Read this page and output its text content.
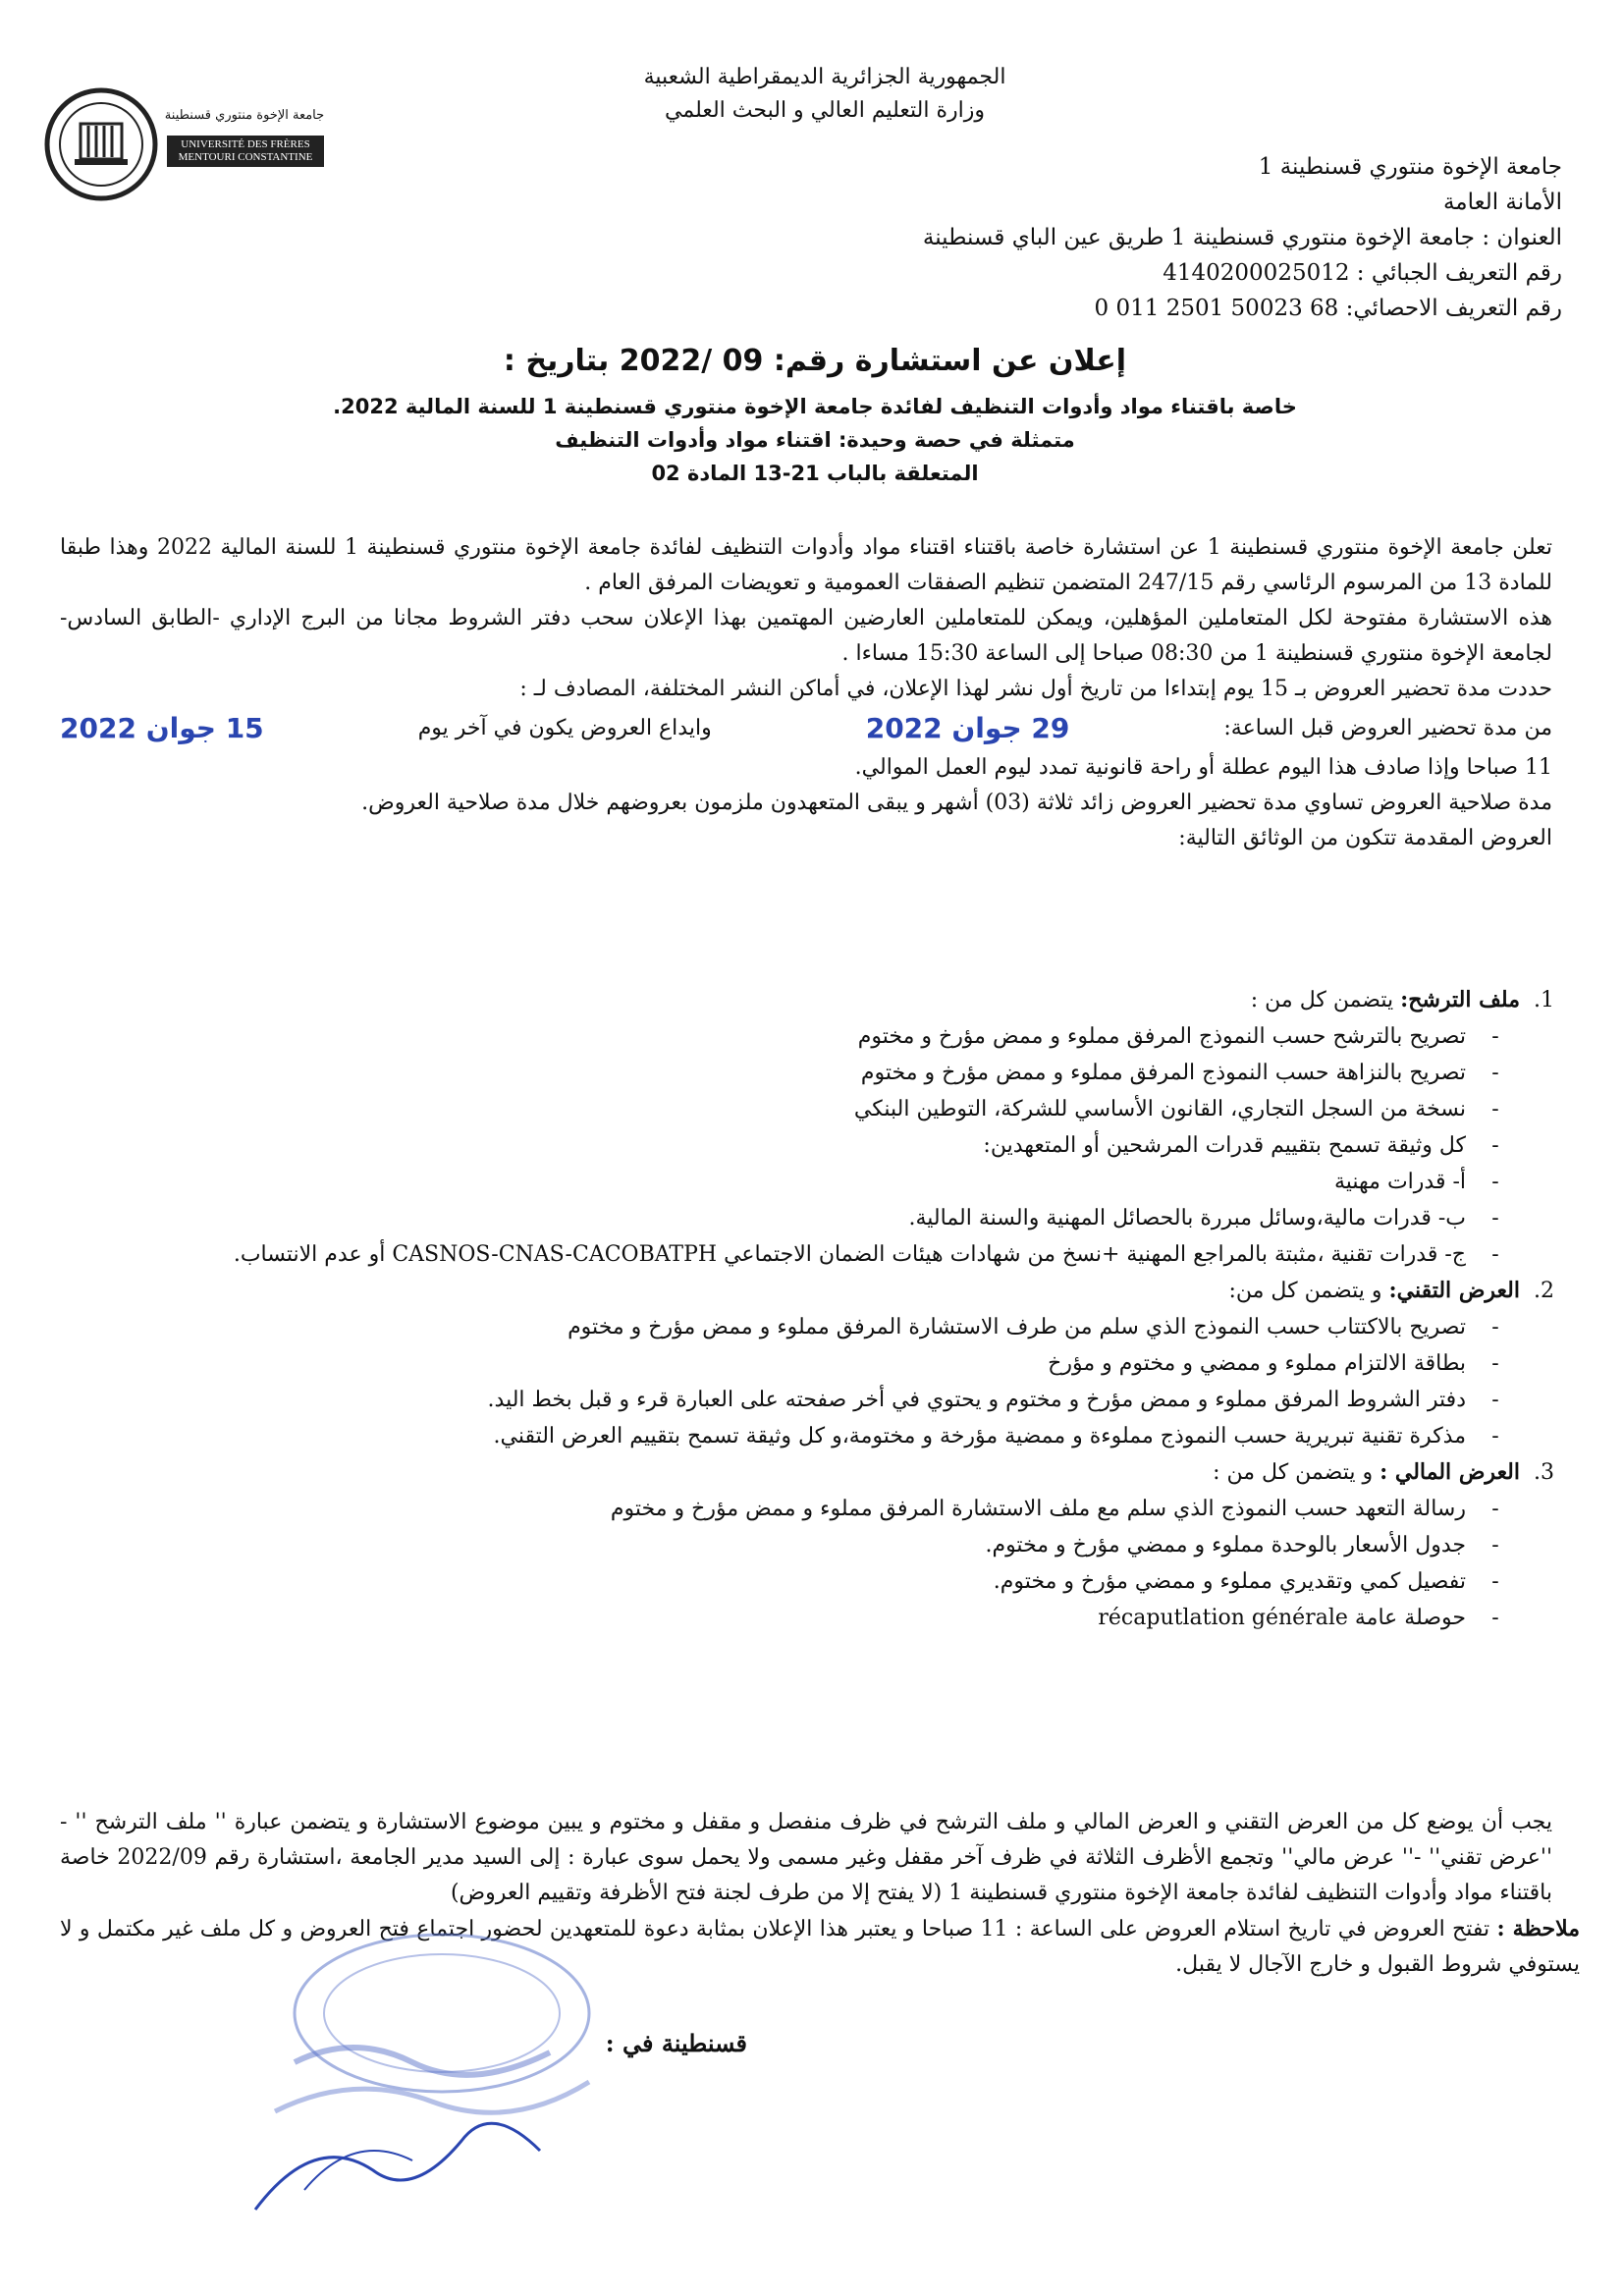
الجمهورية الجزائرية الديمقراطية الشعبية
وزارة التعليم العالي و البحث العلمي
جامعة الإخوة منتوري قسنطينة
UNIVERSITÉ DES FRÈRES
MENTOURI CONSTANTINE	جامعة الإخوة منتوري قسنطينة 1
الأمانة العامة
العنوان : جامعة الإخوة منتوري قسنطينة 1 طريق عين الباي قسنطينة
رقم التعريف الجبائي : 4140200025012
رقم التعريف الاحصائي: 68 50023 2501 011 0
إعلان عن استشارة رقم: 09 /2022 بتاريخ :
خاصة باقتناء مواد وأدوات التنظيف لفائدة جامعة الإخوة منتوري قسنطينة 1 للسنة المالية 2022.
متمثلة في حصة وحيدة: اقتناء مواد وأدوات التنظيف
المتعلقة بالباب 21-13 المادة 02
تعلن جامعة الإخوة منتوري قسنطينة 1 عن استشارة خاصة باقتناء اقتناء مواد وأدوات التنظيف لفائدة جامعة الإخوة منتوري قسنطينة 1 للسنة المالية 2022 وهذا طبقا للمادة 13 من المرسوم الرئاسي رقم 247/15 المتضمن تنظيم الصفقات العمومية و تعويضات المرفق العام .
هذه الاستشارة مفتوحة لكل المتعاملين المؤهلين، ويمكن للمتعاملين العارضين المهتمين بهذا الإعلان سحب دفتر الشروط مجانا من البرج الإداري -الطابق السادس- لجامعة الإخوة منتوري قسنطينة 1 من 08:30 صباحا إلى الساعة 15:30 مساءا .
حددت مدة تحضير العروض بـ 15 يوم إبتداءا من تاريخ أول نشر لهذا الإعلان، في أماكن النشر المختلفة، المصادف لـ :
من مدة تحضير العروض قبل الساعة:
29 جوان 2022
وايداع العروض يكون في آخر يوم
15 جوان 2022
11 صباحا وإذا صادف هذا اليوم عطلة أو راحة قانونية تمدد ليوم العمل الموالي.
مدة صلاحية العروض تساوي مدة تحضير العروض زائد ثلاثة (03) أشهر و يبقى المتعهدون ملزمون بعروضهم خلال مدة صلاحية العروض.
العروض المقدمة تتكون من الوثائق التالية:
1.ملف الترشح: يتضمن كل من :
-
تصريح بالترشح حسب النموذج المرفق مملوء و ممض مؤرخ و مختوم
-
تصريح بالنزاهة حسب النموذج المرفق مملوء و ممض مؤرخ و مختوم
-
نسخة من السجل التجاري، القانون الأساسي للشركة، التوطين البنكي
-
كل وثيقة تسمح بتقييم قدرات المرشحين أو المتعهدين:
-
أ- قدرات مهنية
-
ب- قدرات مالية،وسائل مبررة بالحصائل المهنية والسنة المالية.
-
ج- قدرات تقنية ،مثبتة بالمراجع المهنية +نسخ من شهادات هيئات الضمان الاجتماعي CASNOS-CNAS-CACOBATPH أو عدم الانتساب.
2.العرض التقني: و يتضمن كل من:
-
تصريح بالاكتتاب حسب النموذج الذي سلم من طرف الاستشارة المرفق مملوء و ممض مؤرخ و مختوم
-
بطاقة الالتزام مملوء و ممضي و مختوم و مؤرخ
-
دفتر الشروط المرفق مملوء و ممض مؤرخ و مختوم و يحتوي في أخر صفحته على العبارة قرء و قبل بخط اليد.
-
مذكرة تقنية تبريرية حسب النموذج مملوءة و ممضية مؤرخة و مختومة،و كل وثيقة تسمح بتقييم العرض التقني.
3.العرض المالي : و يتضمن كل من :
-
رسالة التعهد حسب النموذج الذي سلم مع ملف الاستشارة المرفق مملوء و ممض مؤرخ و مختوم
-
جدول الأسعار بالوحدة مملوء و ممضي مؤرخ و مختوم.
-
تفصيل كمي وتقديري مملوء و ممضي مؤرخ و مختوم.
-
حوصلة عامة récaputlation générale
يجب أن يوضع كل من العرض التقني و العرض المالي و ملف الترشح في ظرف منفصل و مقفل و مختوم و يبين موضوع الاستشارة و يتضمن عبارة '' ملف الترشح '' - ''عرض تقني'' -'' عرض مالي'' وتجمع الأظرف الثلاثة في ظرف آخر مقفل وغير مسمى ولا يحمل سوى عبارة : إلى السيد مدير الجامعة ،استشارة رقم 2022/09 خاصة باقتناء مواد وأدوات التنظيف لفائدة جامعة الإخوة منتوري قسنطينة 1 (لا يفتح إلا من طرف لجنة فتح الأظرفة وتقييم العروض)
ملاحظة : تفتح العروض في تاريخ استلام العروض على الساعة : 11 صباحا و يعتبر هذا الإعلان بمثابة دعوة للمتعهدين لحضور اجتماع فتح العروض و كل ملف غير مكتمل و لا يستوفي شروط القبول و خارج الآجال لا يقبل.
قسنطينة في :
